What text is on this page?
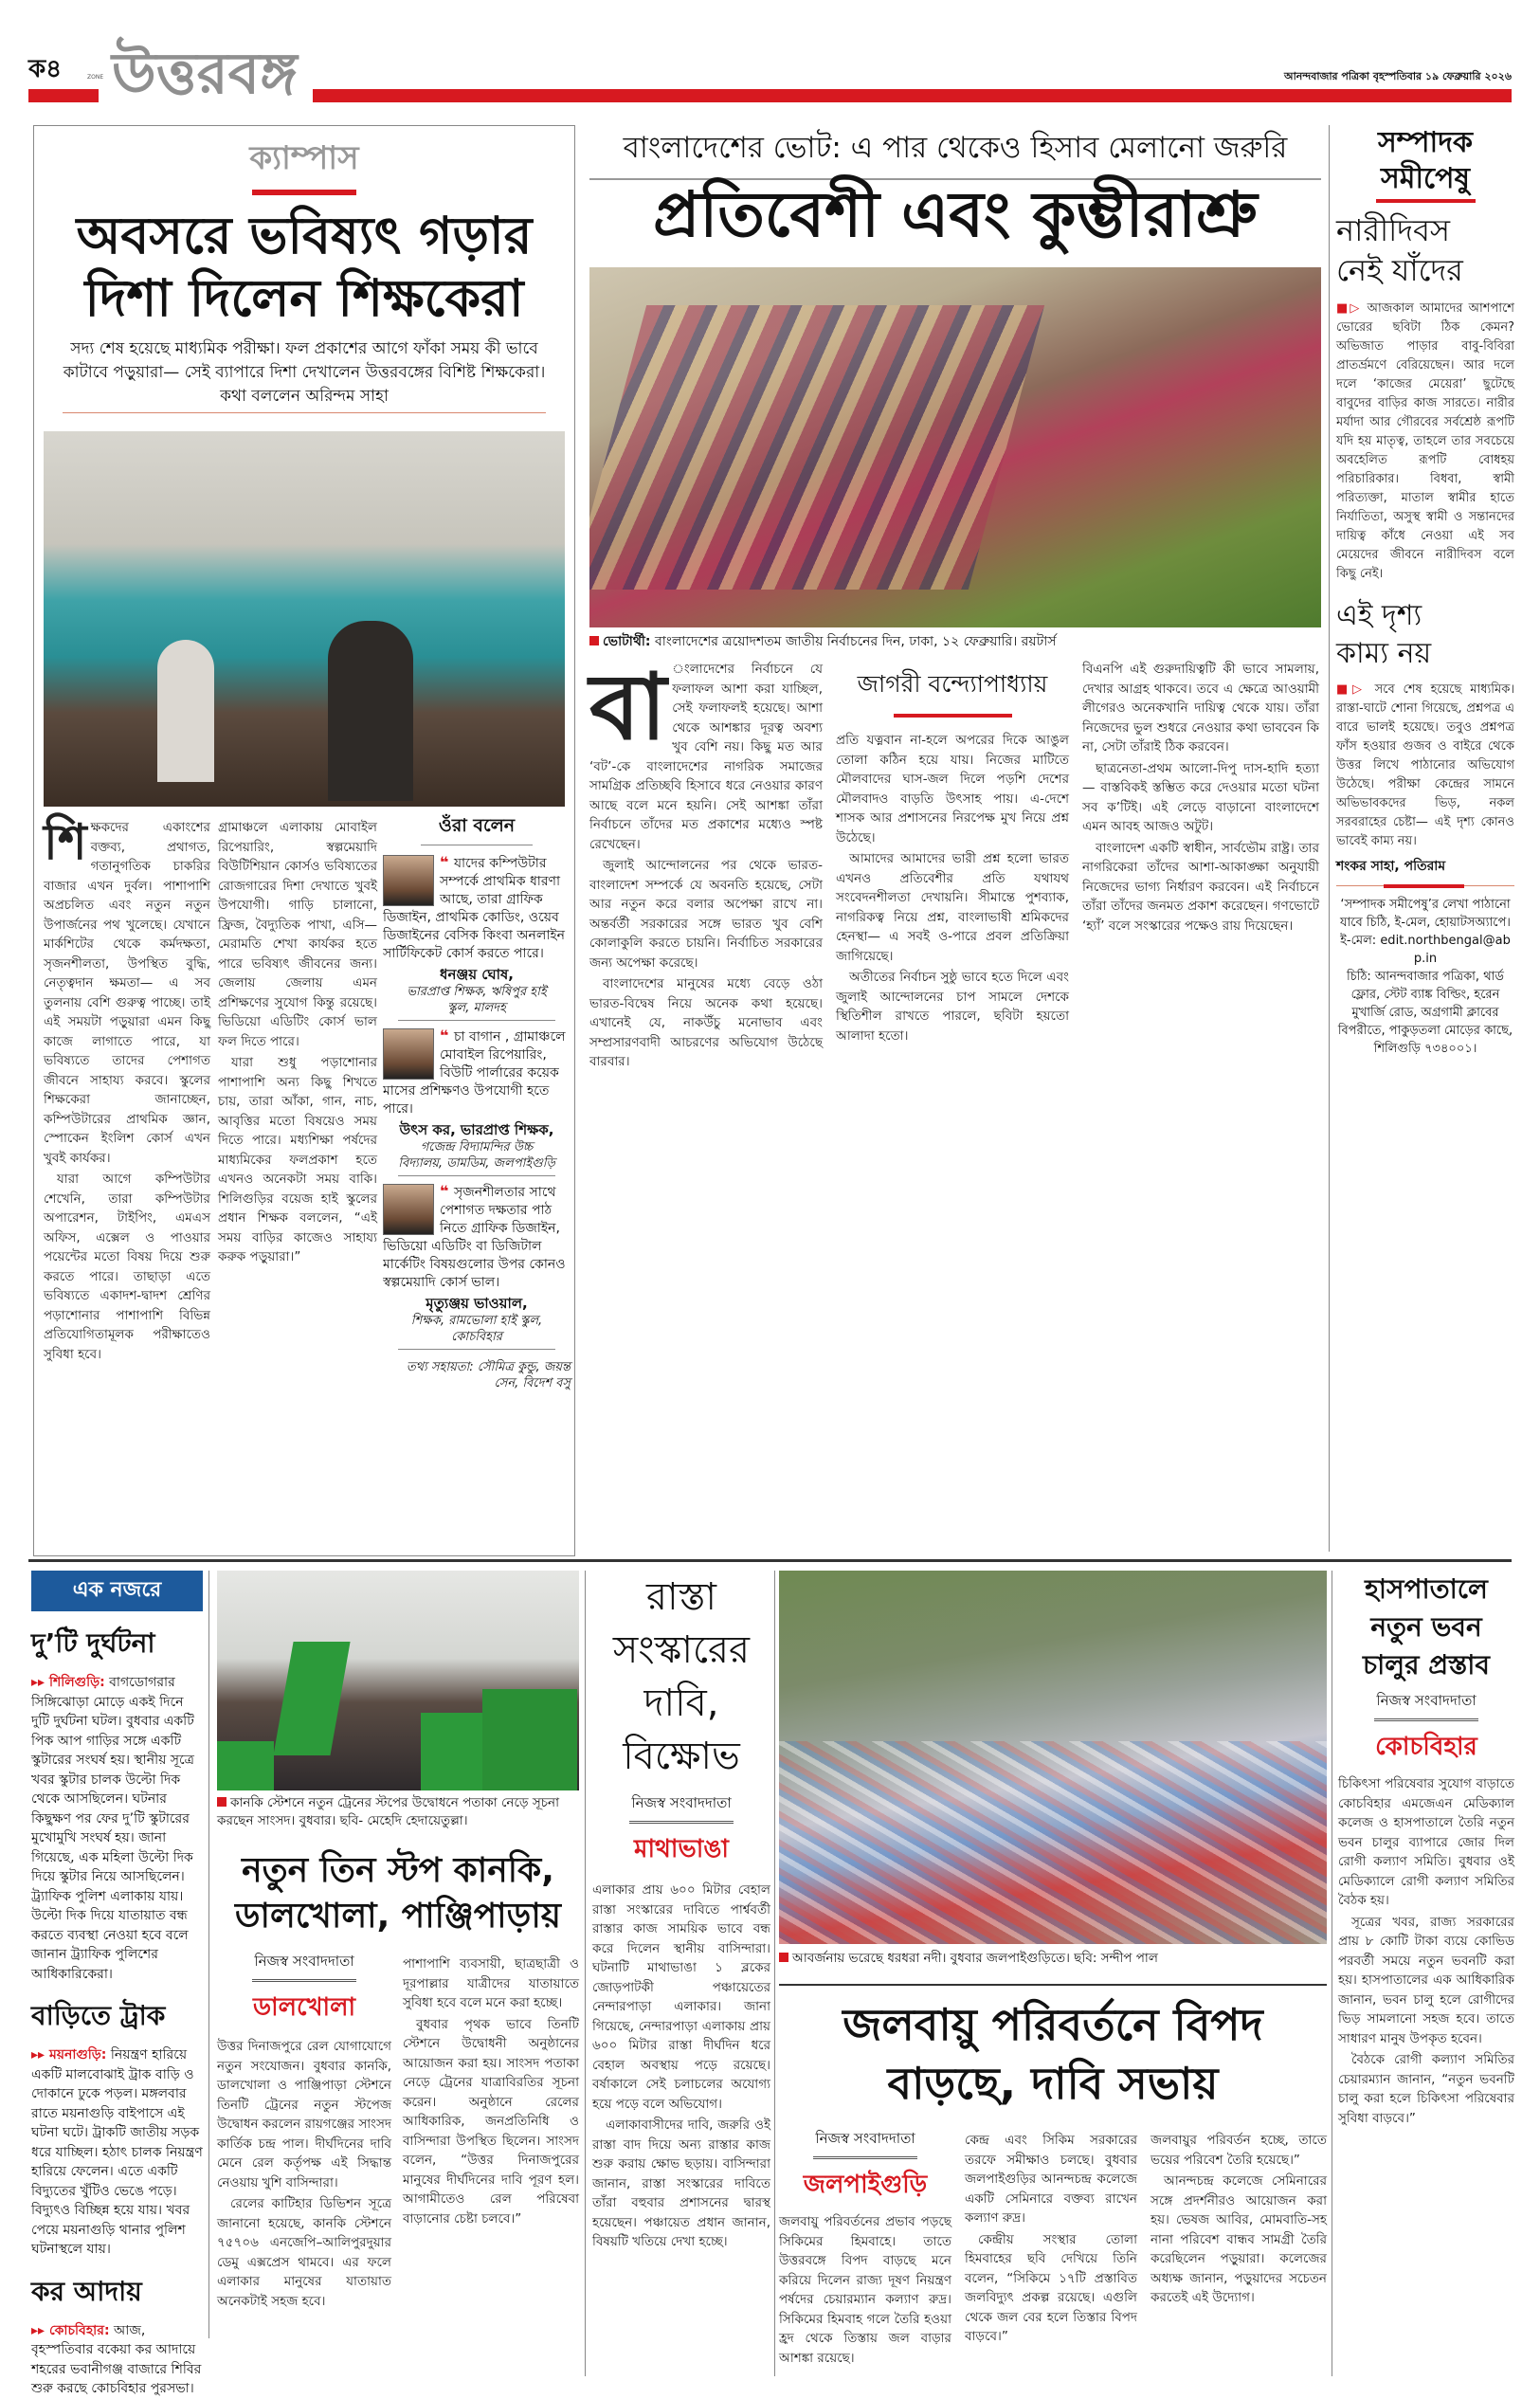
ক৪	ZONE উত্তরবঙ্গ	আনন্দবাজার পত্রিকা বৃহস্পতিবার ১৯ ফেব্রুয়ারি ২০২৬
ক্যাম্পাস
অবসরে ভবিষ্যৎ গড়ার
দিশা দিলেন শিক্ষকেরা
সদ্য শেষ হয়েছে মাধ্যমিক পরীক্ষা। ফল প্রকাশের আগে ফাঁকা সময় কী ভাবে কাটাবে পড়ুয়ারা— সেই ব্যাপারে দিশা দেখালেন উত্তরবঙ্গের বিশিষ্ট শিক্ষকেরা। কথা বললেন অরিন্দম সাহা

শিক্ষকদের একাংশের বক্তব্য, প্রথাগত, গতানুগতিক চাকরির বাজার এখন দুর্বল। পাশাপাশি অপ্রচলিত এবং নতুন নতুন উপার্জনের পথ খুলেছে। যেখানে মার্কশিটের থেকে কর্মদক্ষতা, সৃজনশীলতা, উপস্থিত বুদ্ধি, নেতৃত্বদান ক্ষমতা— এ সব তুলনায় বেশি গুরুত্ব পাচ্ছে। তাই এই সময়টা পড়ুয়ারা এমন কিছু কাজে লাগাতে পারে, যা ভবিষ্যতে তাদের পেশাগত জীবনে সাহায্য করবে। স্কুলের শিক্ষকেরা জানাচ্ছেন, কম্পিউটারের প্রাথমিক জ্ঞান, স্পোকেন ইংলিশ কোর্স এখন খুবই কার্যকর।

যারা আগে কম্পিউটার শেখেনি, তারা কম্পিউটার অপারেশন, টাইপিং, এমএস অফিস, এক্সেল ও পাওয়ার পয়েন্টের মতো বিষয় দিয়ে শুরু করতে পারে। তাছাড়া এতে ভবিষ্যতে একাদশ-দ্বাদশ শ্রেণির পড়াশোনার পাশাপাশি বিভিন্ন প্রতিযোগিতামূলক পরীক্ষাতেও সুবিধা হবে।

গ্রামাঞ্চলে এলাকায় মোবাইল রিপেয়ারিং, স্বল্পমেয়াদি বিউটিশিয়ান কোর্সও ভবিষ্যতের রোজগারের দিশা দেখাতে খুবই উপযোগী। গাড়ি চালানো, ফ্রিজ, বৈদ্যুতিক পাখা, এসি— মেরামতি শেখা কার্যকর হতে পারে ভবিষ্যৎ জীবনের জন্য। জেলায় জেলায় এমন প্রশিক্ষণের সুযোগ কিন্তু রয়েছে। ভিডিয়ো এডিটিং কোর্স ভাল ফল দিতে পারে।

যারা শুধু পড়াশোনার পাশাপাশি অন্য কিছু শিখতে চায়, তারা আঁকা, গান, নাচ, আবৃত্তির মতো বিষয়েও সময় দিতে পারে। মধ্যশিক্ষা পর্ষদের মাধ্যমিকের ফলপ্রকাশ হতে এখনও অনেকটা সময় বাকি। শিলিগুড়ির বয়েজ হাই স্কুলের প্রধান শিক্ষক বললেন, “এই সময় বাড়ির কাজেও সাহায্য করুক পড়ুয়ারা।”

ওঁরা বলেন
❝ যাদের কম্পিউটার সম্পর্কে প্রাথমিক ধারণা আছে, তারা গ্রাফিক ডিজাইন, প্রাথমিক কোডিং, ওয়েব ডিজাইনের বেসিক কিংবা অনলাইন সার্টিফিকেট কোর্স করতে পারে।
ধনঞ্জয় ঘোষ,
ভারপ্রাপ্ত শিক্ষক, ঋষিপুর হাই স্কুল, মালদহ
❝ চা বাগান , গ্রামাঞ্চলে মোবাইল রিপেয়ারিং, বিউটি পার্লারের কয়েক মাসের প্রশিক্ষণও উপযোগী হতে পারে।
উৎস কর, ভারপ্রাপ্ত শিক্ষক,
গজেন্দ্র বিদ্যামন্দির উচ্চ বিদ্যালয়, ডামডিম, জলপাইগুড়ি
❝ সৃজনশীলতার সাথে পেশাগত দক্ষতার পাঠ নিতে গ্রাফিক ডিজাইন, ভিডিয়ো এডিটিং বা ডিজিটাল মার্কেটিং বিষয়গুলোর উপর কোনও স্বল্পমেয়াদি কোর্স ভাল।
মৃত্যুঞ্জয় ভাওয়াল,
শিক্ষক, রামভোলা হাই স্কুল, কোচবিহার
তথ্য সহায়তা: সৌমিত্র কুন্ডু, জয়ন্ত সেন, বিদেশ বসু
বাংলাদেশের ভোট: এ পার থেকেও হিসাব মেলানো জরুরি
প্রতিবেশী এবং কুম্ভীরাশ্রু
ভোটার্থী: বাংলাদেশের ত্রয়োদশতম জাতীয় নির্বাচনের দিন, ঢাকা, ১২ ফেব্রুয়ারি। রয়টার্স

বা ংলাদেশের নির্বাচনে যে ফলাফল আশা করা যাচ্ছিল, সেই ফলাফলই হয়েছে। আশা থেকে আশঙ্কার দূরত্ব অবশ্য খুব বেশি নয়। কিছু মত আর ‘বট’-কে বাংলাদেশের নাগরিক সমাজের সামগ্রিক প্রতিচ্ছবি হিসাবে ধরে নেওয়ার কারণ আছে বলে মনে হয়নি। সেই আশঙ্কা তাঁরা নির্বাচনে তাঁদের মত প্রকাশের মধ্যেও স্পষ্ট রেখেছেন।

জুলাই আন্দোলনের পর থেকে ভারত-বাংলাদেশ সম্পর্কে যে অবনতি হয়েছে, সেটা আর নতুন করে বলার অপেক্ষা রাখে না। অন্তর্বর্তী সরকারের সঙ্গে ভারত খুব বেশি কোলাকুলি করতে চায়নি। নির্বাচিত সরকারের জন্য অপেক্ষা করেছে।

বাংলাদেশের মানুষের মধ্যে বেড়ে ওঠা ভারত-বিদ্বেষ নিয়ে অনেক কথা হয়েছে। এখানেই যে, নাকউঁচু মনোভাব এবং সম্প্রসারণবাদী আচরণের অভিযোগ উঠেছে বারবার।

জাগরী বন্দ্যোপাধ্যায়

প্রতি যত্নবান না-হলে অপরের দিকে আঙুল তোলা কঠিন হয়ে যায়। নিজের মাটিতে মৌলবাদের ঘাস-জল দিলে পড়শি দেশের মৌলবাদও বাড়তি উৎসাহ পায়। এ-দেশে শাসক আর প্রশাসনের নিরপেক্ষ মুখ নিয়ে প্রশ্ন উঠেছে।

আমাদের আমাদের ভারী প্রশ্ন হলো ভারত এখনও প্রতিবেশীর প্রতি যথাযথ সংবেদনশীলতা দেখায়নি। সীমান্তে পুশব্যাক, নাগরিকত্ব নিয়ে প্রশ্ন, বাংলাভাষী শ্রমিকদের হেনস্থা— এ সবই ও-পারে প্রবল প্রতিক্রিয়া জাগিয়েছে।

অতীতের নির্বাচন সুষ্ঠু ভাবে হতে দিলে এবং জুলাই আন্দোলনের চাপ সামলে দেশকে স্থিতিশীল রাখতে পারলে, ছবিটা হয়তো আলাদা হতো।

বিএনপি এই গুরুদায়িত্বটি কী ভাবে সামলায়, দেখার আগ্রহ থাকবে। তবে এ ক্ষেত্রে আওয়ামী লীগেরও অনেকখানি দায়িত্ব থেকে যায়। তাঁরা নিজেদের ভুল শুধরে নেওয়ার কথা ভাববেন কি না, সেটা তাঁরাই ঠিক করবেন।

ছাত্রনেতা-প্রথম আলো-দিপু দাস-হাদি হত্যা— বাস্তবিকই স্তম্ভিত করে দেওয়ার মতো ঘটনা সব ক’টিই। এই লেড়ে বাড়ানো বাংলাদেশে এমন আবহ আজও অটুট।

বাংলাদেশ একটি স্বাধীন, সার্বভৌম রাষ্ট্র। তার নাগরিকেরা তাঁদের আশা-আকাঙ্ক্ষা অনুযায়ী নিজেদের ভাগ্য নির্ধারণ করবেন। এই নির্বাচনে তাঁরা তাঁদের জনমত প্রকাশ করেছেন। গণভোটে ‘হ্যাঁ’ বলে সংস্কারের পক্ষেও রায় দিয়েছেন।

সম্পাদক
সমীপেষু
নারীদিবস
নেই যাঁদের

■▷ আজকাল আমাদের আশপাশে ভোরের ছবিটা ঠিক কেমন? অভিজাত পাড়ার বাবু-বিবিরা প্রাতর্ভ্রমণে বেরিয়েছেন। আর দলে দলে ‘কাজের মেয়েরা’ ছুটেছে বাবুদের বাড়ির কাজ সারতে। নারীর মর্যাদা আর গৌরবের সর্বশ্রেষ্ঠ রূপটি যদি হয় মাতৃত্ব, তাহলে তার সবচেয়ে অবহেলিত রূপটি বোধহয় পরিচারিকার। বিধবা, স্বামী পরিত্যক্তা, মাতাল স্বামীর হাতে নির্যাতিতা, অসুস্থ স্বামী ও সন্তানদের দায়িত্ব কাঁধে নেওয়া এই সব মেয়েদের জীবনে নারীদিবস বলে কিছু নেই।

এই দৃশ্য
কাম্য নয়

■▷ সবে শেষ হয়েছে মাধ্যমিক। রাস্তা-ঘাটে শোনা গিয়েছে, প্রশ্নপত্র এ বারে ভালই হয়েছে। তবুও প্রশ্নপত্র ফাঁস হওয়ার গুজব ও বাইরে থেকে উত্তর লিখে পাঠানোর অভিযোগ উঠেছে। পরীক্ষা কেন্দ্রের সামনে অভিভাবকদের ভিড়, নকল সরবরাহের চেষ্টা— এই দৃশ্য কোনও ভাবেই কাম্য নয়।

শংকর সাহা, পতিরাম
‘সম্পাদক সমীপেষু’র লেখা পাঠানো যাবে চিঠি, ই-মেল, হোয়াটসঅ্যাপে।
ই-মেল: edit.northbengal@abp.in
চিঠি: আনন্দবাজার পত্রিকা, থার্ড ফ্লোর, স্টেট ব্যাঙ্ক বিল্ডিং, হরেন মুখার্জি রোড, অগ্রগামী ক্লাবের বিপরীতে, পাকুড়তলা মোড়ের কাছে, শিলিগুড়ি ৭৩৪০০১।
এক নজরে
দু’টি দুর্ঘটনা
▸▸ শিলিগুড়ি: বাগডোগরার সিঙ্গিঝোড়া মোড়ে একই দিনে দুটি দুর্ঘটনা ঘটল। বুধবার একটি পিক আপ গাড়ির সঙ্গে একটি স্কুটারের সংঘর্ষ হয়। স্থানীয় সূত্রে খবর স্কুটার চালক উল্টো দিক থেকে আসছিলেন। ঘটনার কিছুক্ষণ পর ফের দু’টি স্কুটারের মুখোমুখি সংঘর্ষ হয়। জানা গিয়েছে, এক মহিলা উল্টো দিক দিয়ে স্কুটার নিয়ে আসছিলেন। ট্র্যাফিক পুলিশ এলাকায় যায়। উল্টো দিক দিয়ে যাতায়াত বন্ধ করতে ব্যবস্থা নেওয়া হবে বলে জানান ট্র্যাফিক পুলিশের আধিকারিকেরা।
বাড়িতে ট্রাক
▸▸ ময়নাগুড়ি: নিয়ন্ত্রণ হারিয়ে একটি মালবোঝাই ট্রাক বাড়ি ও দোকানে ঢুকে পড়ল। মঙ্গলবার রাতে ময়নাগুড়ি বাইপাসে এই ঘটনা ঘটে। ট্রাকটি জাতীয় সড়ক ধরে যাচ্ছিল। হঠাৎ চালক নিয়ন্ত্রণ হারিয়ে ফেলেন। এতে একটি বিদ্যুতের খুঁটিও ভেঙে পড়ে। বিদ্যুৎও বিচ্ছিন্ন হয়ে যায়। খবর পেয়ে ময়নাগুড়ি থানার পুলিশ ঘটনাস্থলে যায়।
কর আদায়
▸▸ কোচবিহার: আজ, বৃহস্পতিবার বকেয়া কর আদায়ে শহরের ভবানীগঞ্জ বাজারে শিবির শুরু করছে কোচবিহার পুরসভা।
কানকি স্টেশনে নতুন ট্রেনের স্টপের উদ্বোধনে পতাকা নেড়ে সূচনা করছেন সাংসদ। বুধবার। ছবি- মেহেদি হেদায়েতুল্লা।
নতুন তিন স্টপ কানকি,
ডালখোলা, পাঞ্জিপাড়ায়
নিজস্ব সংবাদদাতা
ডালখোলা

উত্তর দিনাজপুরে রেল যোগাযোগে নতুন সংযোজন। বুধবার কানকি, ডালখোলা ও পাঞ্জিপাড়া স্টেশনে তিনটি ট্রেনের নতুন স্টপেজ উদ্বোধন করলেন রায়গঞ্জের সাংসদ কার্তিক চন্দ্র পাল। দীর্ঘদিনের দাবি মেনে রেল কর্তৃপক্ষ এই সিদ্ধান্ত নেওয়ায় খুশি বাসিন্দারা।

রেলের কাটিহার ডিভিশন সূত্রে জানানো হয়েছে, কানকি স্টেশনে ৭৫৭০৬ এনজেপি–আলিপুরদুয়ার ডেমু এক্সপ্রেস থামবে। এর ফলে এলাকার মানুষের যাতায়াত অনেকটাই সহজ হবে।

পাশাপাশি ব্যবসায়ী, ছাত্রছাত্রী ও দূরপাল্লার যাত্রীদের যাতায়াতে সুবিধা হবে বলে মনে করা হচ্ছে।

বুধবার পৃথক ভাবে তিনটি স্টেশনে উদ্বোধনী অনুষ্ঠানের আয়োজন করা হয়। সাংসদ পতাকা নেড়ে ট্রেনের যাত্রাবিরতির সূচনা করেন। অনুষ্ঠানে রেলের আধিকারিক, জনপ্রতিনিধি ও বাসিন্দারা উপস্থিত ছিলেন। সাংসদ বলেন, “উত্তর দিনাজপুরের মানুষের দীর্ঘদিনের দাবি পূরণ হল। আগামীতেও রেল পরিষেবা বাড়ানোর চেষ্টা চলবে।”

রাস্তা
সংস্কারের
দাবি,
বিক্ষোভ
নিজস্ব সংবাদদাতা
মাথাভাঙা

এলাকার প্রায় ৬০০ মিটার বেহাল রাস্তা সংস্কারের দাবিতে পার্শ্ববর্তী রাস্তার কাজ সাময়িক ভাবে বন্ধ করে দিলেন স্থানীয় বাসিন্দারা। ঘটনাটি মাথাভাঙা ১ ব্লকের জোড়পাটকী পঞ্চায়েতের নেন্দারপাড়া এলাকার। জানা গিয়েছে, নেন্দারপাড়া এলাকায় প্রায় ৬০০ মিটার রাস্তা দীর্ঘদিন ধরে বেহাল অবস্থায় পড়ে রয়েছে। বর্ষাকালে সেই চলাচলের অযোগ্য হয়ে পড়ে বলে অভিযোগ।

এলাকাবাসীদের দাবি, জরুরি ওই রাস্তা বাদ দিয়ে অন্য রাস্তার কাজ শুরু করায় ক্ষোভ ছড়ায়। বাসিন্দারা জানান, রাস্তা সংস্কারের দাবিতে তাঁরা বহুবার প্রশাসনের দ্বারস্থ হয়েছেন। পঞ্চায়েত প্রধান জানান, বিষয়টি খতিয়ে দেখা হচ্ছে।

আবর্জনায় ভরেছে ধরধরা নদী। বুধবার জলপাইগুড়িতে। ছবি: সন্দীপ পাল
জলবায়ু পরিবর্তনে বিপদ
বাড়ছে, দাবি সভায়
নিজস্ব সংবাদদাতা
জলপাইগুড়ি

জলবায়ু পরিবর্তনের প্রভাব পড়ছে সিকিমের হিমবাহে। তাতে উত্তরবঙ্গে বিপদ বাড়ছে মনে করিয়ে দিলেন রাজ্য দূষণ নিয়ন্ত্রণ পর্ষদের চেয়ারম্যান কল্যাণ রুদ্র। সিকিমের হিমবাহ গলে তৈরি হওয়া হ্রদ থেকে তিস্তায় জল বাড়ার আশঙ্কা রয়েছে।

কেন্দ্র এবং সিকিম সরকারের তরফে সমীক্ষাও চলছে। বুধবার জলপাইগুড়ির আনন্দচন্দ্র কলেজে একটি সেমিনারে বক্তব্য রাখেন কল্যাণ রুদ্র।

কেন্দ্রীয় সংস্থার তোলা হিমবাহের ছবি দেখিয়ে তিনি বলেন, “সিকিমে ১৭টি প্রস্তাবিত জলবিদ্যুৎ প্রকল্প রয়েছে। এগুলি থেকে জল বের হলে তিস্তার বিপদ বাড়বে।”

জলবায়ুর পরিবর্তন হচ্ছে, তাতে ভয়ের পরিবেশ তৈরি হয়েছে।”

আনন্দচন্দ্র কলেজে সেমিনারের সঙ্গে প্রদর্শনীরও আয়োজন করা হয়। ভেষজ আবির, মোমবাতি-সহ নানা পরিবেশ বান্ধব সামগ্রী তৈরি করেছিলেন পড়ুয়ারা। কলেজের অধ্যক্ষ জানান, পড়ুয়াদের সচেতন করতেই এই উদ্যোগ।

হাসপাতালে
নতুন ভবন
চালুর প্রস্তাব
নিজস্ব সংবাদদাতা
কোচবিহার

চিকিৎসা পরিষেবার সুযোগ বাড়াতে কোচবিহার এমজেএন মেডিক্যাল কলেজ ও হাসপাতালে তৈরি নতুন ভবন চালুর ব্যাপারে জোর দিল রোগী কল্যাণ সমিতি। বুধবার ওই মেডিক্যালে রোগী কল্যাণ সমিতির বৈঠক হয়।

সূত্রের খবর, রাজ্য সরকারের প্রায় ৮ কোটি টাকা ব্যয়ে কোভিড পরবর্তী সময়ে নতুন ভবনটি করা হয়। হাসপাতালের এক আধিকারিক জানান, ভবন চালু হলে রোগীদের ভিড় সামলানো সহজ হবে। তাতে সাধারণ মানুষ উপকৃত হবেন।

বৈঠকে রোগী কল্যাণ সমিতির চেয়ারম্যান জানান, “নতুন ভবনটি চালু করা হলে চিকিৎসা পরিষেবার সুবিধা বাড়বে।”
